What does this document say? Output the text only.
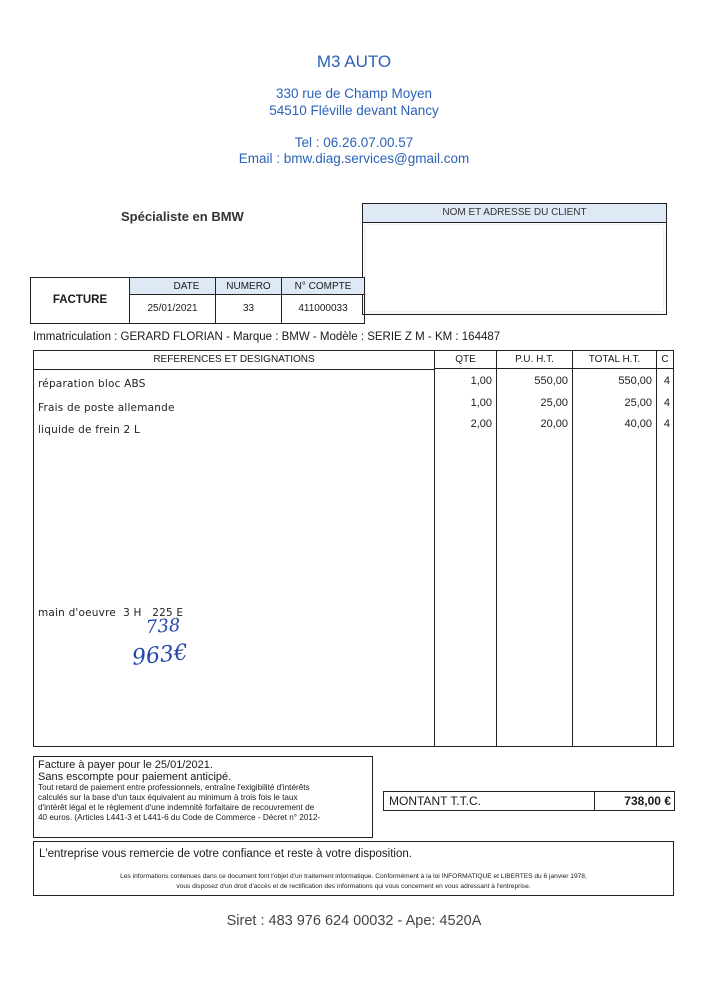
M3 AUTO
330 rue de Champ Moyen
54510 Fléville devant Nancy
Tel : 06.26.07.00.57
Email : bmw.diag.services@gmail.com
Spécialiste en BMW	NOM ET ADRESSE DU CLIENT
FACTURE
DATE	NUMERO	N° COMPTE
25/01/2021	33	411000033
Immatriculation : GERARD FLORIAN - Marque : BMW - Modèle : SERIE Z M - KM : 164487
REFERENCES ET DESIGNATIONS	QTE	P.U. H.T.	TOTAL H.T.	C
réparation bloc ABS	1,00	550,00	550,00	4
Frais de poste allemande	1,00	25,00	25,00	4
liquide de frein 2 L	2,00	20,00	40,00	4
main d'oeuvre  3 H   225 E
738
963€
Facture à payer pour le 25/01/2021.
Sans escompte pour paiement anticipé.
Tout retard de paiement entre professionnels, entraîne l'exigibilité d'intérêts
calculés sur la base d'un taux équivalent au minimum à trois fois le taux
d'intérêt légal et le règlement d'une indemnité forfaitaire de recouvrement de
40 euros. (Articles L441-3 et L441-6 du Code de Commerce - Décret n° 2012-
MONTANT T.T.C.	738,00 €
L'entreprise vous remercie de votre confiance et reste à votre disposition.
Les informations contenues dans ce document font l'objet d'un traitement informatique. Conformément à la loi INFORMATIQUE et LIBERTES du 6 janvier 1978,
vous disposez d'un droit d'accès et de rectification des informations qui vous concernent en vous adressant à l'entreprise.
Siret : 483 976 624 00032 - Ape: 4520A
